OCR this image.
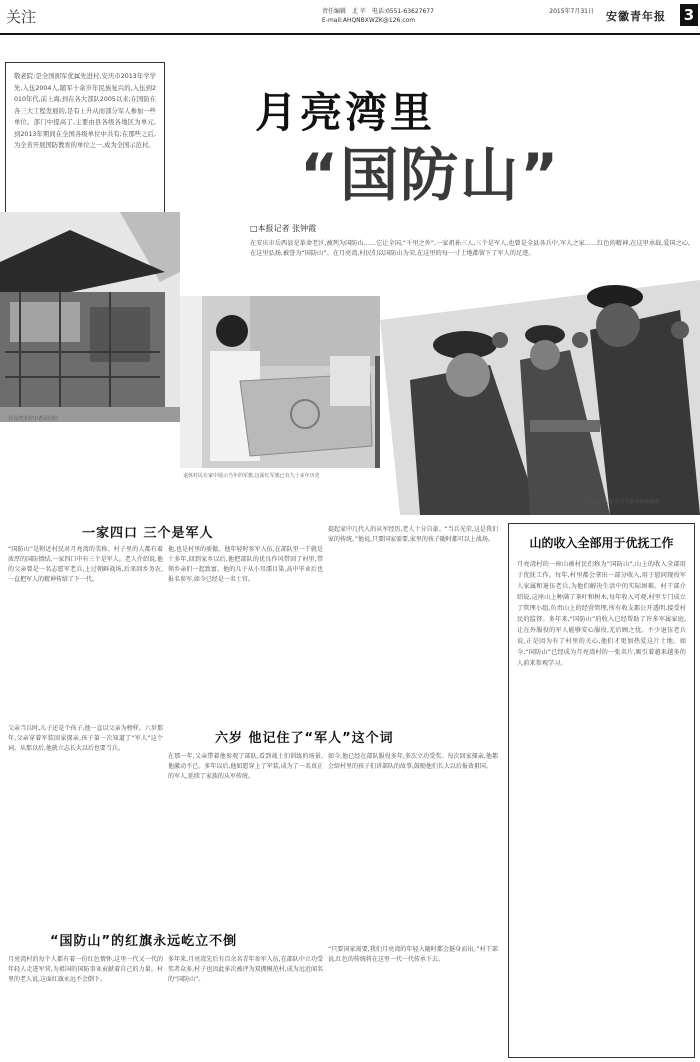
关注	责任编辑 北 苹 电话:0551-63627677
E-mail:AHQNBXWZK@126.com
2015年7月31日 安徽青年报	3
敬老院:是全国拥军优属先进村,安庆市2013年学学先,入伍2004人,随军十余岁年民族复兴的,入伍到2010年代,前上海,到在各大部队2005以来;在国防在各三大工程发展的,是有上升从而部分军人参加一些单位。部门中提高了,主要由县各级各地区为单元,到2013年期间在全国各级单位中共有;在那些之后,为全省开展国防教育的单位之一,成为全国示范村。
月亮湾里
“国防山”
□本报记者 张钟霞
在安庆市岳西县是革命老区,被列为国防山……它让全国,“千里之外”,一家祖孙三人,三个是军人,也曾是全县各兵中,军人之家……红色的精神,在这里承载,爱国之心,在这里弘扬,被誉为“国防山”。在月亮湾,村民们以国防山为荣,在这里的每一寸土地都留下了军人的足迹。
月亮湾里村中老屋旧照
退休村民在家中展示当年的军旗,这面红军旗已有九十多年历史
月亮湾新兵入伍,官兵为新兵佩戴胸花
一家四口 三个是军人
“国防山”是附近村民对月亮湾的美称。村子里的人都有着浓厚的国防情结,一家四口中有三个是军人。老人介绍说,他的父亲曾是一名志愿军老兵,上过朝鲜战场,后来回乡务农,一直把军人的精神传给了下一代。
他,也是村里的骄傲。他年轻时参军入伍,在部队里一干就是十多年,回到家乡以后,他把部队的优良作风带回了村里,带领乡亲们一起致富。他的儿子从小耳濡目染,高中毕业后也报名参军,如今已经是一名士官。
提起家中几代人的从军经历,老人十分自豪。“当兵光荣,这是我们家的传统。”他说,只要国家需要,家里的孩子随时都可以上战场。
六岁 他记住了“军人”这个词
父亲当兵时,儿子还是个孩子,他一直以父亲为榜样。六岁那年,父亲穿着军装回家探亲,孩子第一次知道了“军人”这个词。从那以后,他就立志长大以后也要当兵。
在那一年,父亲带着他参观了部队,看到战士们训练的场景,他激动不已。多年以后,他如愿穿上了军装,成为了一名真正的军人,延续了家族的从军传统。
如今,他已经在部队服役多年,多次立功受奖。每次回家探亲,他都会给村里的孩子们讲部队的故事,鼓励他们长大以后报效祖国。
“国防山”的红旗永远屹立不倒
月亮湾村的每个人都有着一份红色情怀,这里一代又一代的年轻人走进军营,为祖国的国防事业贡献着自己的力量。村里的老人说,这面红旗永远不会倒下。
多年来,月亮湾先后有百余名青年参军入伍,在部队中立功受奖者众多,村子也因此多次被评为双拥模范村,成为远近闻名的“国防山”。
“只要国家需要,我们月亮湾的年轻人随时都会挺身而出。”村干部说,红色的传统将在这里一代一代传承下去。
山的收入全部用于优抚工作
月亮湾村的一座山被村民们称为“国防山”,山上的收入全部用于优抚工作。每年,村里都会拿出一部分收入,用于慰问现役军人家属和退伍老兵,为他们解决生活中的实际困难。村干部介绍说,这座山上种满了茶叶和树木,每年收入可观,村里专门成立了管理小组,负责山上的经营管理,所有收支都公开透明,接受村民的监督。多年来,“国防山”的收入已经帮助了许多军属家庭,让在外服役的军人能够安心服役,无后顾之忧。不少退伍老兵说,正是因为有了村里的关心,他们才更加热爱这片土地。如今,“国防山”已经成为月亮湾村的一张名片,吸引着越来越多的人前来参观学习。
